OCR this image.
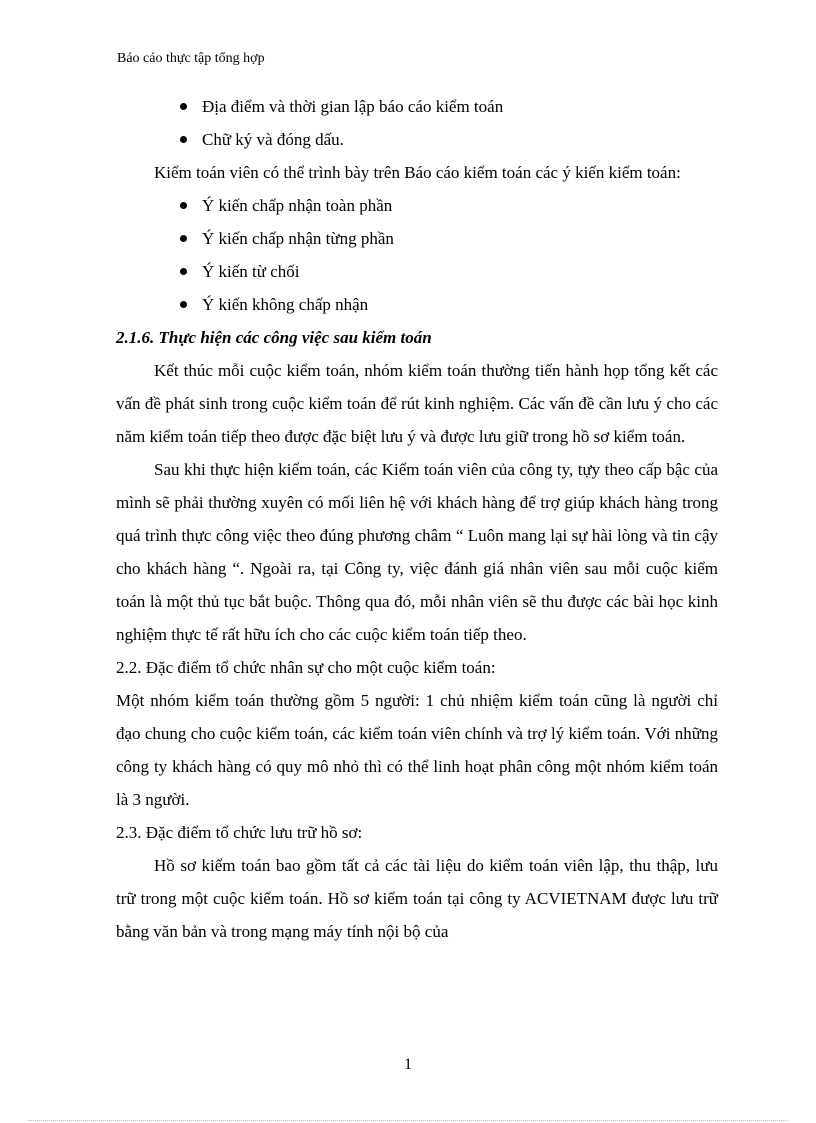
Báo cáo thực tập tổng hợp
Địa điểm và thời gian lập báo cáo kiểm toán
Chữ ký và đóng dấu.

Kiểm toán viên có thể trình bày trên Báo cáo kiểm toán các ý kiến kiểm toán:

Ý kiến chấp nhận toàn phần
Ý kiến chấp nhận từng phần
Ý kiến từ chối
Ý kiến không chấp nhận
2.1.6. Thực hiện các công việc sau kiểm toán

Kết thúc mỗi cuộc kiểm toán, nhóm kiểm toán thường tiến hành họp tổng kết các vấn đề phát sinh trong cuộc kiểm toán để rút kinh nghiệm. Các vấn đề cần lưu ý cho các năm kiểm toán tiếp theo được đặc biệt lưu ý và được lưu giữ trong hồ sơ kiểm toán.

Sau khi thực hiện kiểm toán, các Kiểm toán viên của công ty, tựy theo cấp bậc của mình sẽ phải thường xuyên có mối liên hệ với khách hàng để trợ giúp khách hàng trong quá trình thực công việc theo đúng phương châm “ Luôn mang lại sự hài lòng và tin cậy cho khách hàng “. Ngoài ra, tại Công ty, việc đánh giá nhân viên sau mỗi cuộc kiểm toán là một thủ tục bắt buộc. Thông qua đó, mỗi nhân viên sẽ thu được các bài học kinh nghiệm thực tế rất hữu ích cho các cuộc kiểm toán tiếp theo.

2.2. Đặc điểm tổ chức nhân sự cho một cuộc kiểm toán:

Một nhóm kiểm toán thường gồm 5 người: 1 chủ nhiệm kiểm toán cũng là người chỉ đạo chung cho cuộc kiểm toán, các kiểm toán viên chính và trợ lý kiểm toán. Với những công ty khách hàng có quy mô nhỏ thì có thể linh hoạt phân công một nhóm kiểm toán là 3 người.

2.3. Đặc điểm tổ chức lưu trữ hồ sơ:

Hồ sơ kiểm toán bao gồm tất cả các tài liệu do kiểm toán viên lập, thu thập, lưu trữ trong một cuộc kiểm toán. Hồ sơ kiểm toán tại công ty ACVIETNAM được lưu trữ bằng văn bản và trong mạng máy tính nội bộ của

1
